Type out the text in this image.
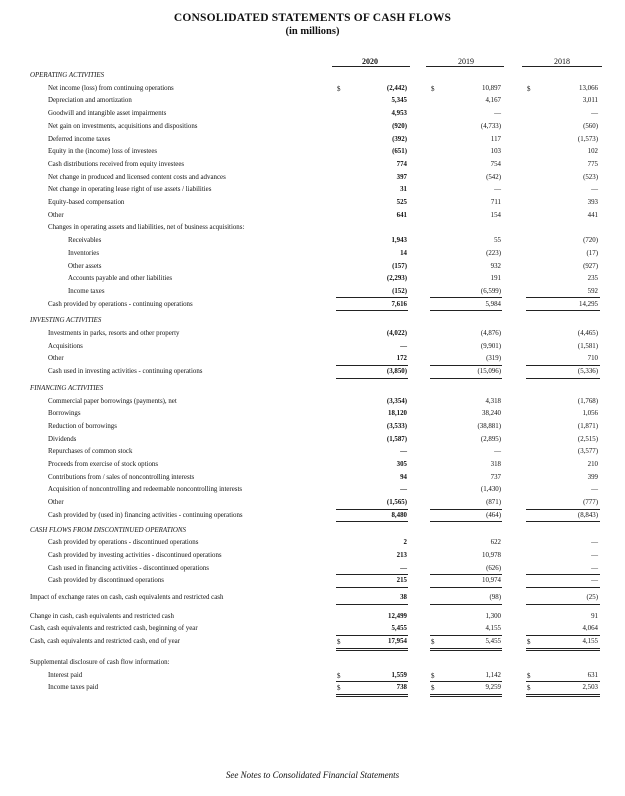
CONSOLIDATED STATEMENTS OF CASH FLOWS
(in millions)
2020	2019	2018
OPERATING ACTIVITIES
Net income (loss) from continuing operations	$	(2,442)	$	10,897	$	13,066
Depreciation and amortization	5,345	4,167	3,011
Goodwill and intangible asset impairments	4,953	—	—
Net gain on investments, acquisitions and dispositions	(920)	(4,733)	(560)
Deferred income taxes	(392)	117	(1,573)
Equity in the (income) loss of investees	(651)	103	102
Cash distributions received from equity investees	774	754	775
Net change in produced and licensed content costs and advances	397	(542)	(523)
Net change in operating lease right of use assets / liabilities	31	—	—
Equity-based compensation	525	711	393
Other	641	154	441
Changes in operating assets and liabilities, net of business acquisitions:
Receivables	1,943	55	(720)
Inventories	14	(223)	(17)
Other assets	(157)	932	(927)
Accounts payable and other liabilities	(2,293)	191	235
Income taxes	(152)	(6,599)	592
Cash provided by operations - continuing operations	7,616	5,984	14,295
INVESTING ACTIVITIES
Investments in parks, resorts and other property	(4,022)	(4,876)	(4,465)
Acquisitions	—	(9,901)	(1,581)
Other	172	(319)	710
Cash used in investing activities - continuing operations	(3,850)	(15,096)	(5,336)
FINANCING ACTIVITIES
Commercial paper borrowings (payments), net	(3,354)	4,318	(1,768)
Borrowings	18,120	38,240	1,056
Reduction of borrowings	(3,533)	(38,881)	(1,871)
Dividends	(1,587)	(2,895)	(2,515)
Repurchases of common stock	—	—	(3,577)
Proceeds from exercise of stock options	305	318	210
Contributions from / sales of noncontrolling interests	94	737	399
Acquisition of noncontrolling and redeemable noncontrolling interests	—	(1,430)	—
Other	(1,565)	(871)	(777)
Cash provided by (used in) financing activities - continuing operations	8,480	(464)	(8,843)
CASH FLOWS FROM DISCONTINUED OPERATIONS
Cash provided by operations - discontinued operations	2	622	—
Cash provided by investing activities - discontinued operations	213	10,978	—
Cash used in financing activities - discontinued operations	—	(626)	—
Cash provided by discontinued operations	215	10,974	—
Impact of exchange rates on cash, cash equivalents and restricted cash	38	(98)	(25)
Change in cash, cash equivalents and restricted cash	12,499	1,300	91
Cash, cash equivalents and restricted cash, beginning of year	5,455	4,155	4,064
Cash, cash equivalents and restricted cash, end of year	$	17,954	$	5,455	$	4,155
Supplemental disclosure of cash flow information:
Interest paid	$	1,559	$	1,142	$	631
Income taxes paid	$	738	$	9,259	$	2,503
See Notes to Consolidated Financial Statements
